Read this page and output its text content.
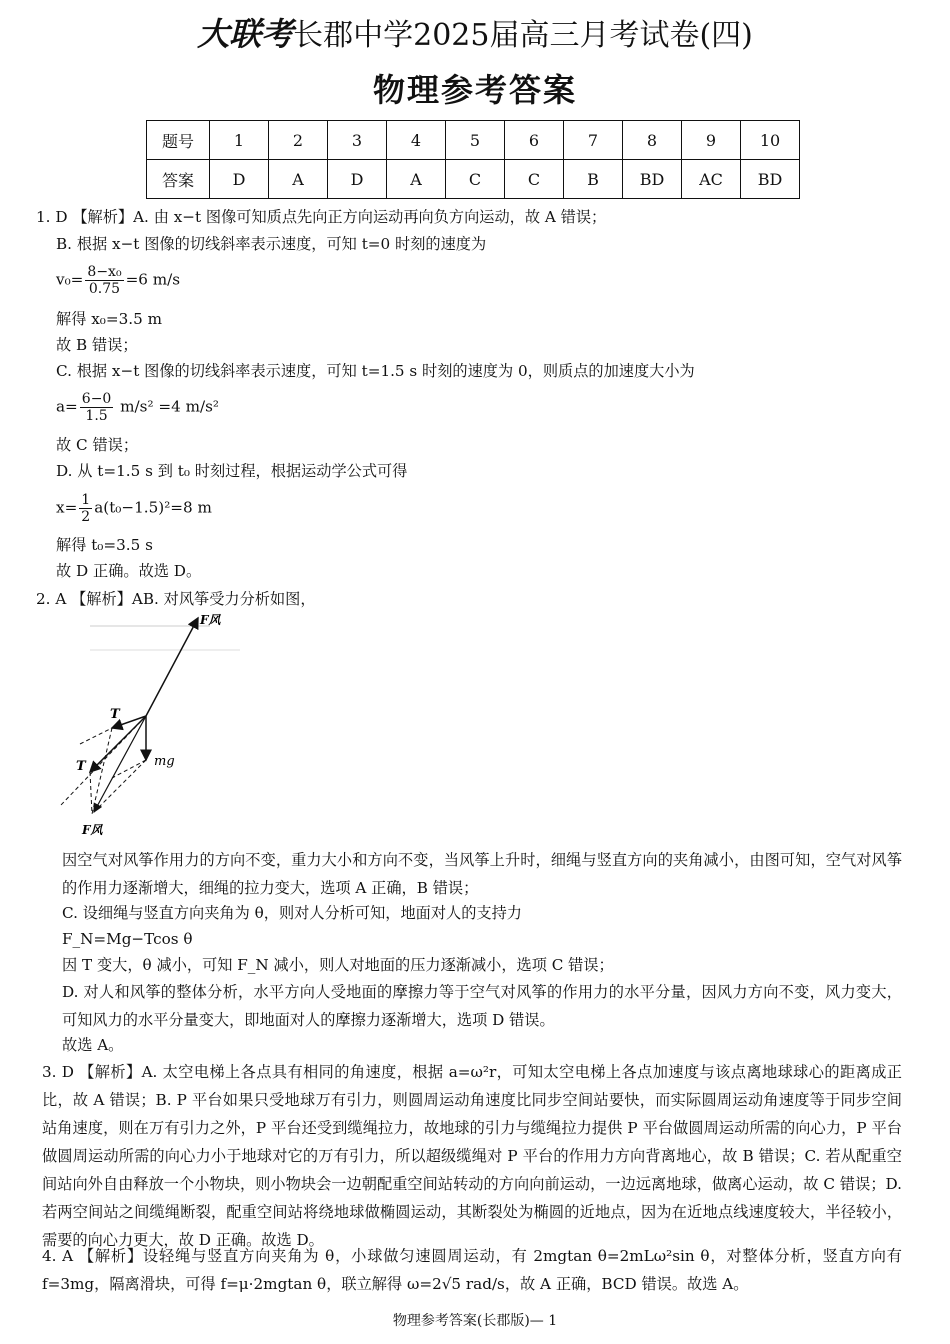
大联考长郡中学2025届高三月考试卷(四)
物理参考答案
题号	1	2	3	4	5	6	7	8	9	10
答案	D	A	D	A	C	C	B	BD	AC	BD
1. D 【解析】A. 由 x−t 图像可知质点先向正方向运动再向负方向运动，故 A 错误；
B. 根据 x−t 图像的切线斜率表示速度，可知 t=0 时刻的速度为
$v_0= \frac{\text{8−x₀}}{0.75} =6$ m/s
解得 x₀=3.5 m
故 B 错误；
C. 根据 x−t 图像的切线斜率表示速度，可知 t=1.5 s 时刻的速度为 0，则质点的加速度大小为
$a= \frac{6-0}{1.5} m/s^2 =4$ m/s²
故 C 错误；
D. 从 t=1.5 s 到 t₀ 时刻过程，根据运动学公式可得
$x= \frac{1}{2} a(t_0-1.5)^2=8$ m
解得 t₀=3.5 s
故 D 正确。故选 D。
2. A 【解析】AB. 对风筝受力分析如图，
F风
T
T	mg
F风
因空气对风筝作用力的方向不变，重力大小和方向不变，当风筝上升时，细绳与竖直方向的夹角减小，由图可知，空气对风筝的作用力逐渐增大，细绳的拉力变大，选项 A 正确，B 错误；
C. 设细绳与竖直方向夹角为 θ，则对人分析可知，地面对人的支持力
F_N=Mg−Tcos θ
因 T 变大，θ 减小，可知 F_N 减小，则人对地面的压力逐渐减小，选项 C 错误；
D. 对人和风筝的整体分析，水平方向人受地面的摩擦力等于空气对风筝的作用力的水平分量，因风力方向不变，风力变大，可知风力的水平分量变大，即地面对人的摩擦力逐渐增大，选项 D 错误。
故选 A。
3. D 【解析】A. 太空电梯上各点具有相同的角速度，根据 a=ω²r，可知太空电梯上各点加速度与该点离地球球心的距离成正比，故 A 错误；B. P 平台如果只受地球万有引力，则圆周运动角速度比同步空间站要快，而实际圆周运动角速度等于同步空间站角速度，则在万有引力之外，P 平台还受到缆绳拉力，故地球的引力与缆绳拉力提供 P 平台做圆周运动所需的向心力，P 平台做圆周运动所需的向心力小于地球对它的万有引力，所以超级缆绳对 P 平台的作用力方向背离地心，故 B 错误；C. 若从配重空间站向外自由释放一个小物块，则小物块会一边朝配重空间站转动的方向向前运动，一边远离地球，做离心运动，故 C 错误；D. 若两空间站之间缆绳断裂，配重空间站将绕地球做椭圆运动，其断裂处为椭圆的近地点，因为在近地点线速度较大，半径较小，需要的向心力更大，故 D 正确。故选 D。
4. A 【解析】设轻绳与竖直方向夹角为 θ，小球做匀速圆周运动，有 2mgtan θ=2mLω²sin θ，对整体分析，竖直方向有 f=3mg，隔离滑块，可得 f=μ·2mgtan θ，联立解得 ω=2√5 rad/s，故 A 正确，BCD 错误。故选 A。
物理参考答案(长郡版)— 1
